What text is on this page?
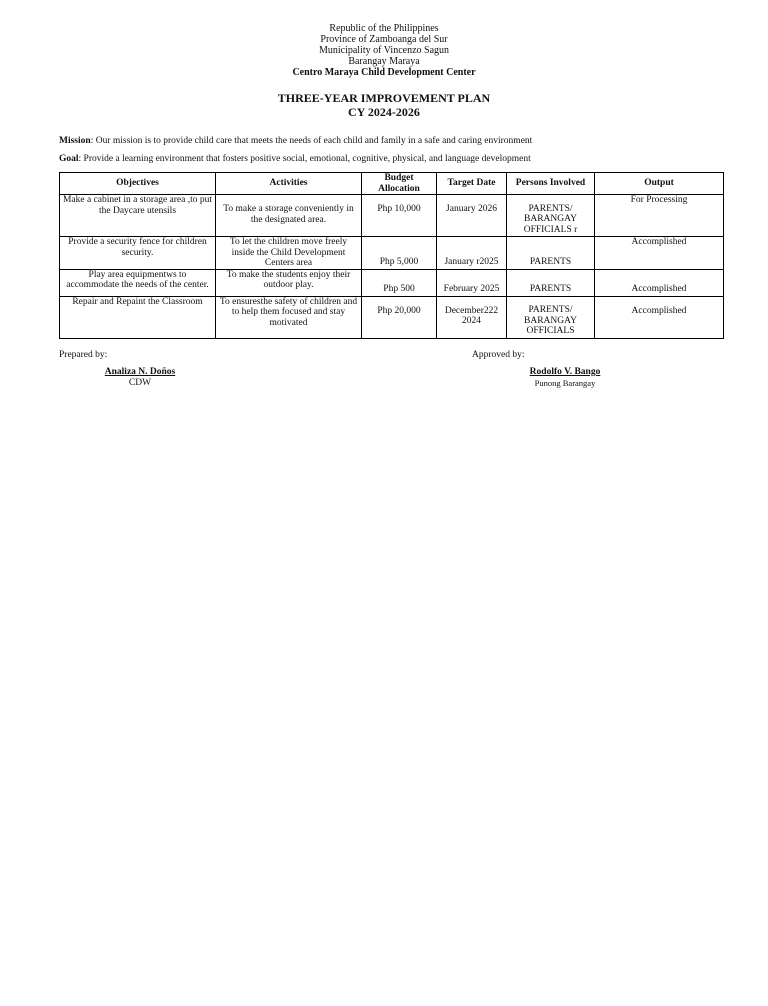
Republic of the Philippines
Province of Zamboanga del Sur
Municipality of Vincenzo Sagun
Barangay Maraya
Centro Maraya Child Development Center
THREE-YEAR IMPROVEMENT PLAN
CY 2024-2026
Mission: Our mission is to provide child care that meets the needs of each child and family in a safe and caring environment
Goal: Provide a learning environment that fosters positive social, emotional, cognitive, physical, and language development
Objectives	Activities	Budget Allocation	Target Date	Persons Involved	Output
Make a cabinet in a storage area ,to put the Daycare utensils	To make a storage conveniently in the designated area.	Php 10,000	January 2026	PARENTS/ BARANGAY OFFICIALS r	For Processing
Provide a security fence for children security.	To let the children move freely inside the Child Development Centers area	Php 5,000	January r2025	PARENTS	Accomplished
Play area equipmentws to accommodate the needs of the center.	To make the students enjoy their outdoor play.	Php 500	February 2025	PARENTS	Accomplished
Repair and Repaint the Classroom	To ensuresthe safety of children and to help them focused and stay motivated	Php 20,000	December222 2024	PARENTS/ BARANGAY OFFICIALS	Accomplished
Prepared by:	Approved by:
Analiza N. Doños
CDW
Rodolfo V. Bango
Punong Barangay
